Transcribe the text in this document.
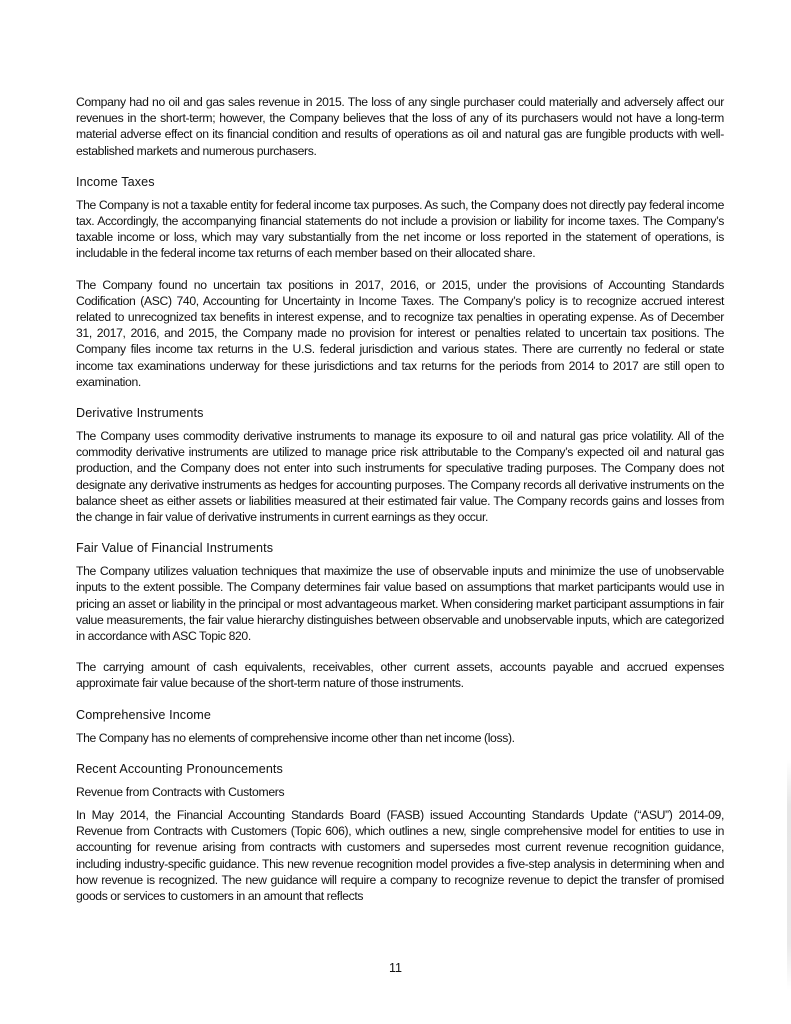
Company had no oil and gas sales revenue in 2015. The loss of any single purchaser could materially and adversely affect our revenues in the short-term; however, the Company believes that the loss of any of its purchasers would not have a long-term material adverse effect on its financial condition and results of operations as oil and natural gas are fungible products with well-established markets and numerous purchasers.

Income Taxes

The Company is not a taxable entity for federal income tax purposes. As such, the Company does not directly pay federal income tax. Accordingly, the accompanying financial statements do not include a provision or liability for income taxes. The Company’s taxable income or loss, which may vary substantially from the net income or loss reported in the statement of operations, is includable in the federal income tax returns of each member based on their allocated share.

The Company found no uncertain tax positions in 2017, 2016, or 2015, under the provisions of Accounting Standards Codification (ASC) 740, Accounting for Uncertainty in Income Taxes. The Company’s policy is to recognize accrued interest related to unrecognized tax benefits in interest expense, and to recognize tax penalties in operating expense. As of December 31, 2017, 2016, and 2015, the Company made no provision for interest or penalties related to uncertain tax positions. The Company files income tax returns in the U.S. federal jurisdiction and various states. There are currently no federal or state income tax examinations underway for these jurisdictions and tax returns for the periods from 2014 to 2017 are still open to examination.

Derivative Instruments

The Company uses commodity derivative instruments to manage its exposure to oil and natural gas price volatility. All of the commodity derivative instruments are utilized to manage price risk attributable to the Company’s expected oil and natural gas production, and the Company does not enter into such instruments for speculative trading purposes. The Company does not designate any derivative instruments as hedges for accounting purposes. The Company records all derivative instruments on the balance sheet as either assets or liabilities measured at their estimated fair value. The Company records gains and losses from the change in fair value of derivative instruments in current earnings as they occur.

Fair Value of Financial Instruments

The Company utilizes valuation techniques that maximize the use of observable inputs and minimize the use of unobservable inputs to the extent possible. The Company determines fair value based on assumptions that market participants would use in pricing an asset or liability in the principal or most advantageous market. When considering market participant assumptions in fair value measurements, the fair value hierarchy distinguishes between observable and unobservable inputs, which are categorized in accordance with ASC Topic 820.

The carrying amount of cash equivalents, receivables, other current assets, accounts payable and accrued expenses approximate fair value because of the short-term nature of those instruments.

Comprehensive Income

The Company has no elements of comprehensive income other than net income (loss).

Recent Accounting Pronouncements
Revenue from Contracts with Customers

In May 2014, the Financial Accounting Standards Board (FASB) issued Accounting Standards Update (“ASU”) 2014-09, Revenue from Contracts with Customers (Topic 606), which outlines a new, single comprehensive model for entities to use in accounting for revenue arising from contracts with customers and supersedes most current revenue recognition guidance, including industry-specific guidance. This new revenue recognition model provides a five-step analysis in determining when and how revenue is recognized. The new guidance will require a company to recognize revenue to depict the transfer of promised goods or services to customers in an amount that reflects

11
